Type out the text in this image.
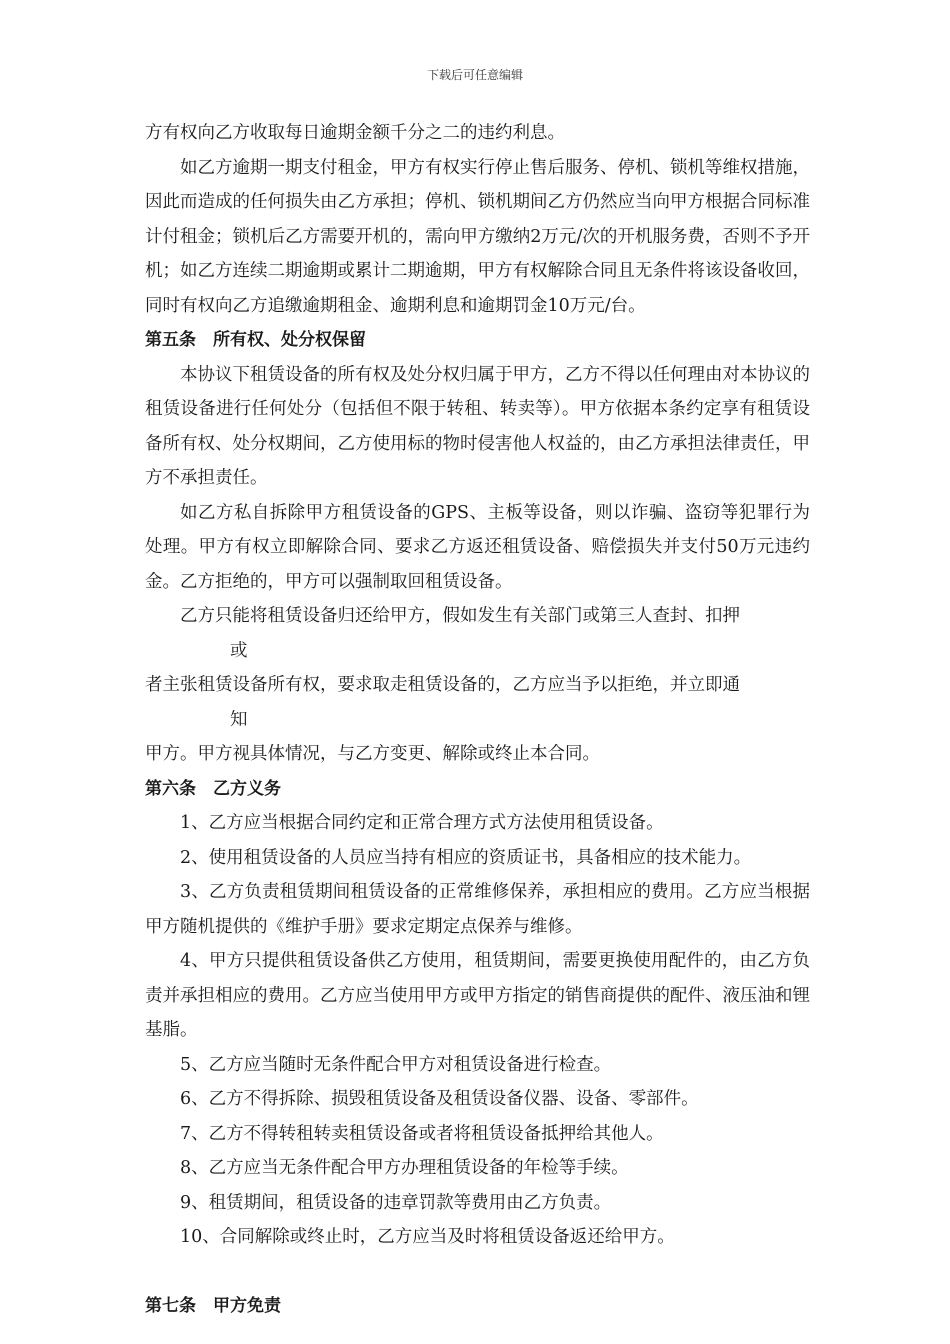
下载后可任意编辑

方有权向乙方收取每日逾期金额千分之二的违约利息。

如乙方逾期一期支付租金，甲方有权实行停止售后服务、停机、锁机等维权措施，因此而造成的任何损失由乙方承担；停机、锁机期间乙方仍然应当向甲方根据合同标准计付租金；锁机后乙方需要开机的，需向甲方缴纳2万元/次的开机服务费，否则不予开机；如乙方连续二期逾期或累计二期逾期，甲方有权解除合同且无条件将该设备收回，同时有权向乙方追缴逾期租金、逾期利息和逾期罚金10万元/台。

第五条　所有权、处分权保留

本协议下租赁设备的所有权及处分权归属于甲方，乙方不得以任何理由对本协议的租赁设备进行任何处分（包括但不限于转租、转卖等）。甲方依据本条约定享有租赁设备所有权、处分权期间，乙方使用标的物时侵害他人权益的，由乙方承担法律责任，甲方不承担责任。

如乙方私自拆除甲方租赁设备的GPS、主板等设备，则以诈骗、盗窃等犯罪行为处理。甲方有权立即解除合同、要求乙方返还租赁设备、赔偿损失并支付50万元违约金。乙方拒绝的，甲方可以强制取回租赁设备。

乙方只能将租赁设备归还给甲方，假如发生有关部门或第三人查封、扣押

或

者主张租赁设备所有权，要求取走租赁设备的，乙方应当予以拒绝，并立即通

知

甲方。甲方视具体情况，与乙方变更、解除或终止本合同。

第六条　乙方义务

1、乙方应当根据合同约定和正常合理方式方法使用租赁设备。

2、使用租赁设备的人员应当持有相应的资质证书，具备相应的技术能力。

3、乙方负责租赁期间租赁设备的正常维修保养，承担相应的费用。乙方应当根据甲方随机提供的《维护手册》要求定期定点保养与维修。

4、甲方只提供租赁设备供乙方使用，租赁期间，需要更换使用配件的，由乙方负责并承担相应的费用。乙方应当使用甲方或甲方指定的销售商提供的配件、液压油和锂基脂。

5、乙方应当随时无条件配合甲方对租赁设备进行检查。

6、乙方不得拆除、损毁租赁设备及租赁设备仪器、设备、零部件。

7、乙方不得转租转卖租赁设备或者将租赁设备抵押给其他人。

8、乙方应当无条件配合甲方办理租赁设备的年检等手续。

9、租赁期间，租赁设备的违章罚款等费用由乙方负责。

10、合同解除或终止时，乙方应当及时将租赁设备返还给甲方。

第七条　甲方免责
